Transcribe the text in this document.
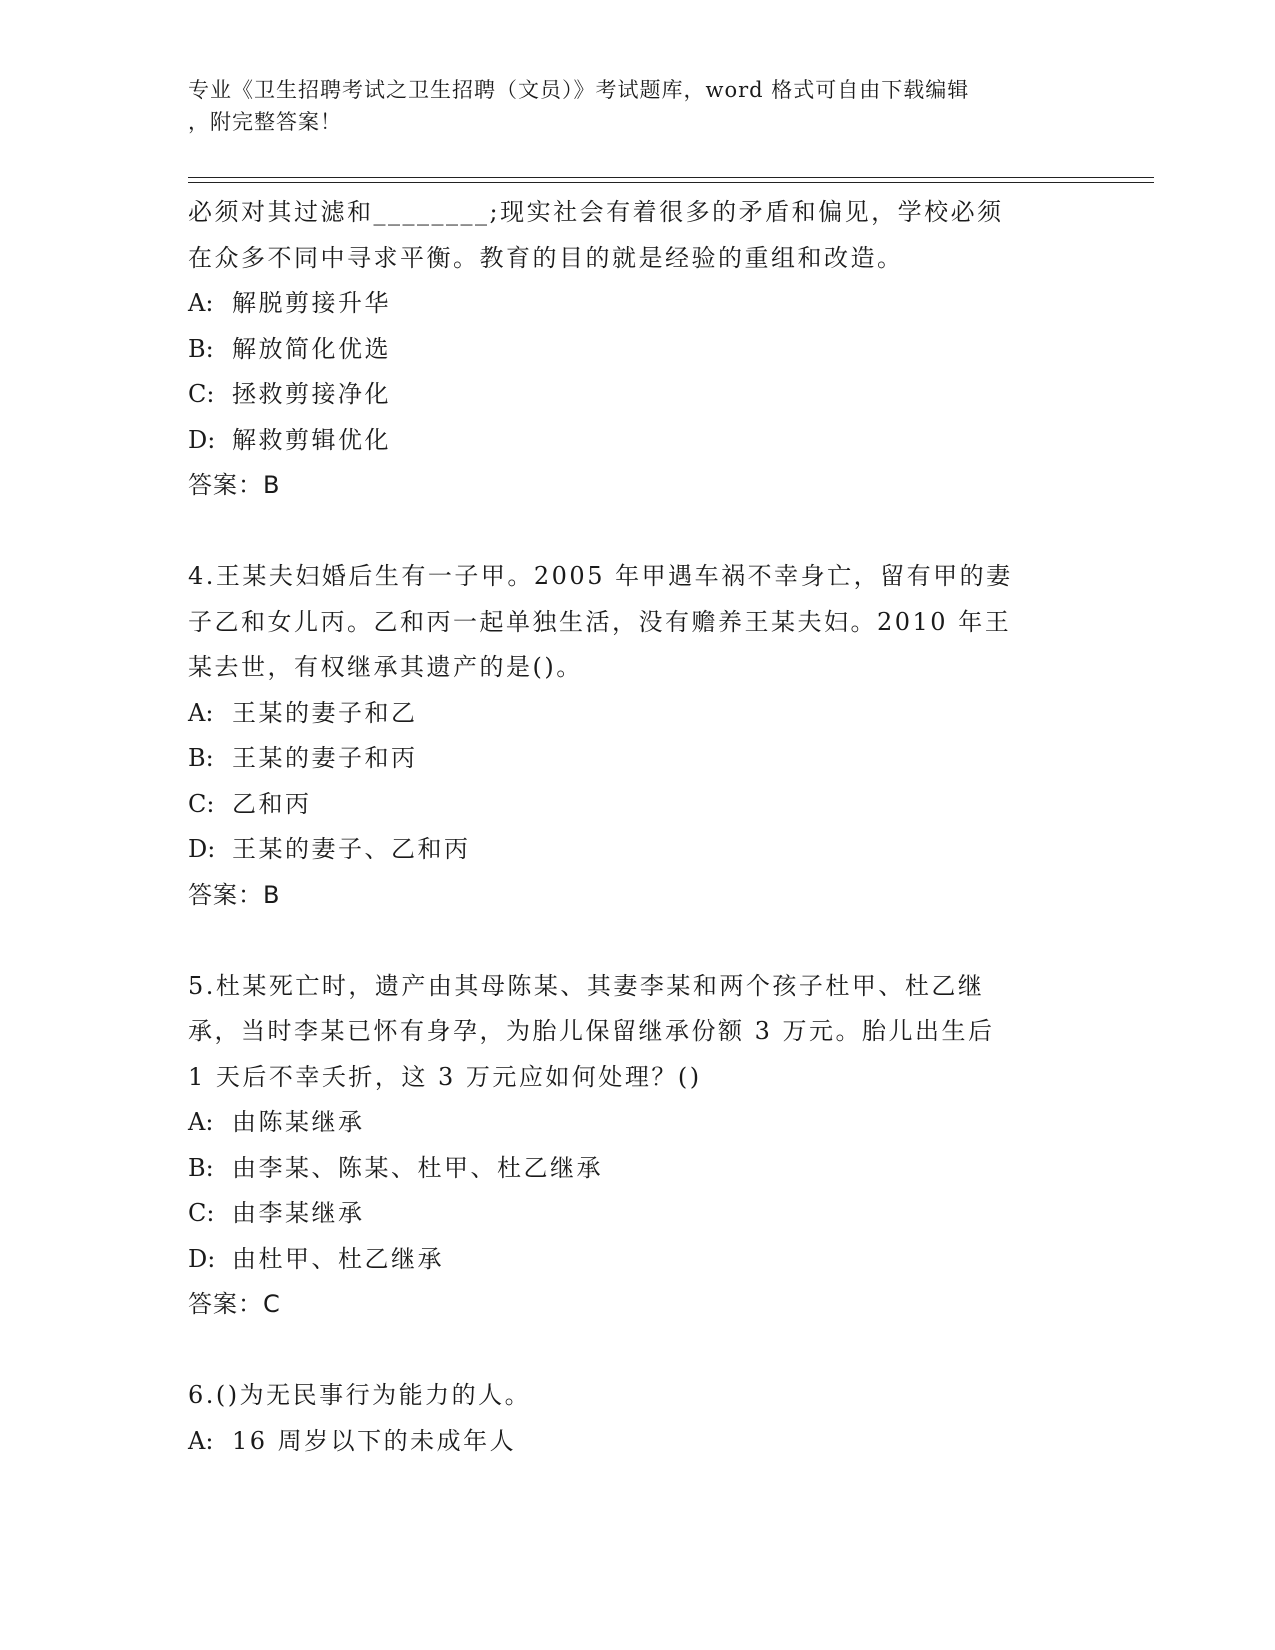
专业《卫生招聘考试之卫生招聘（文员）》考试题库，word 格式可自由下载编辑
，附完整答案！
必须对其过滤和________;现实社会有着很多的矛盾和偏见，学校必须
在众多不同中寻求平衡。教育的目的就是经验的重组和改造。
A: 解脱剪接升华
B: 解放简化优选
C: 拯救剪接净化
D: 解救剪辑优化
答案：B
4.王某夫妇婚后生有一子甲。2005 年甲遇车祸不幸身亡，留有甲的妻
子乙和女儿丙。乙和丙一起单独生活，没有赡养王某夫妇。2010 年王
某去世，有权继承其遗产的是()。
A: 王某的妻子和乙
B: 王某的妻子和丙
C: 乙和丙
D: 王某的妻子、乙和丙
答案：B
5.杜某死亡时，遗产由其母陈某、其妻李某和两个孩子杜甲、杜乙继
承，当时李某已怀有身孕，为胎儿保留继承份额 3 万元。胎儿出生后
1 天后不幸夭折，这 3 万元应如何处理？()
A: 由陈某继承
B: 由李某、陈某、杜甲、杜乙继承
C: 由李某继承
D: 由杜甲、杜乙继承
答案：C
6.()为无民事行为能力的人。
A: 16 周岁以下的未成年人
